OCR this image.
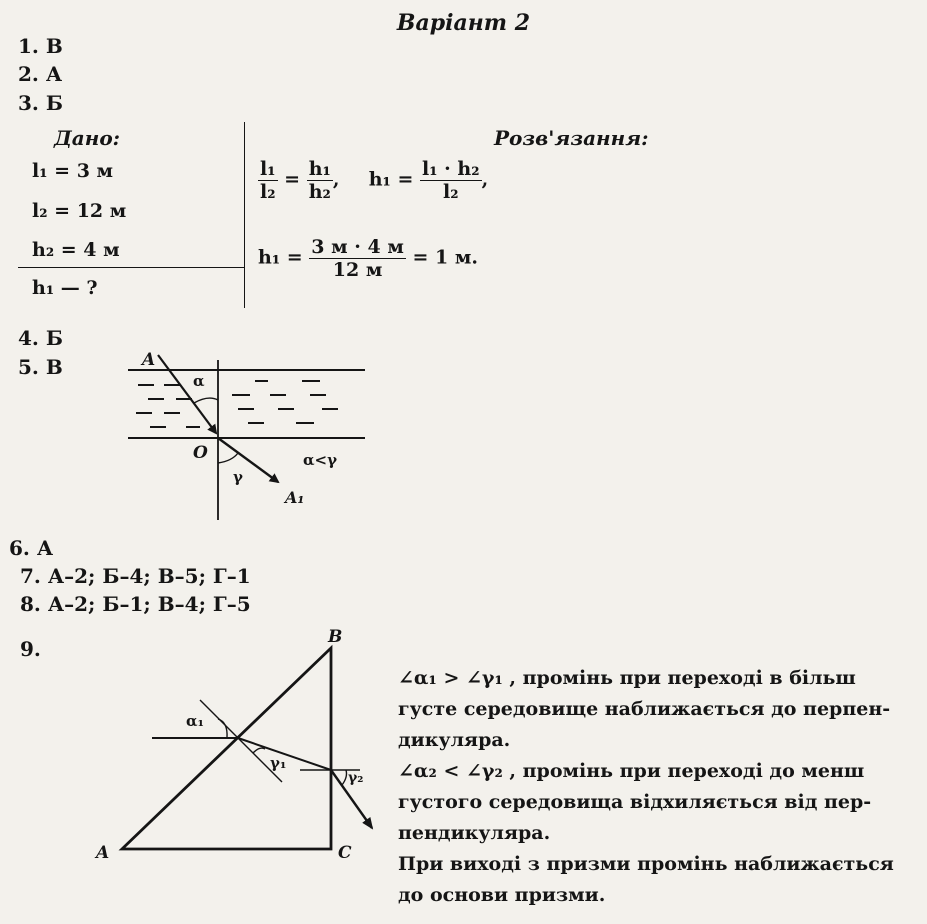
Варіант 2
1. В
2. А
3. Б
Дано:	Розв'язання:
l₁ = 3 м
l₂ = 12 м
h₂ = 4 м
h₁ — ?
$\frac{\text{l₁}}{\text{l₂}} = \frac{\text{h₁}}{\text{h₂}}$ , $h_1 = \frac{\text{l₁ · h₂}}{\text{l₂}}$ ,
$h_1 = \frac{3 м \cdot 4 м}{12 м} = 1$ м.
4. Б
5. В	A
α
O
γ
A₁
α<γ
6. А
7. А–2; Б–4; В–5; Г–1
8. А–2; Б–1; В–4; Г–5
9.
A
B
C
α₁
γ₁
γ₂
∠α₁ > ∠γ₁ , промінь при переході в більш
густе середовище наближається до перпен-
дикуляра.
∠α₂ < ∠γ₂ , промінь при переході до менш
густого середовища відхиляється від пер-
пендикуляра.
При виході з призми промінь наближається
до основи призми.
